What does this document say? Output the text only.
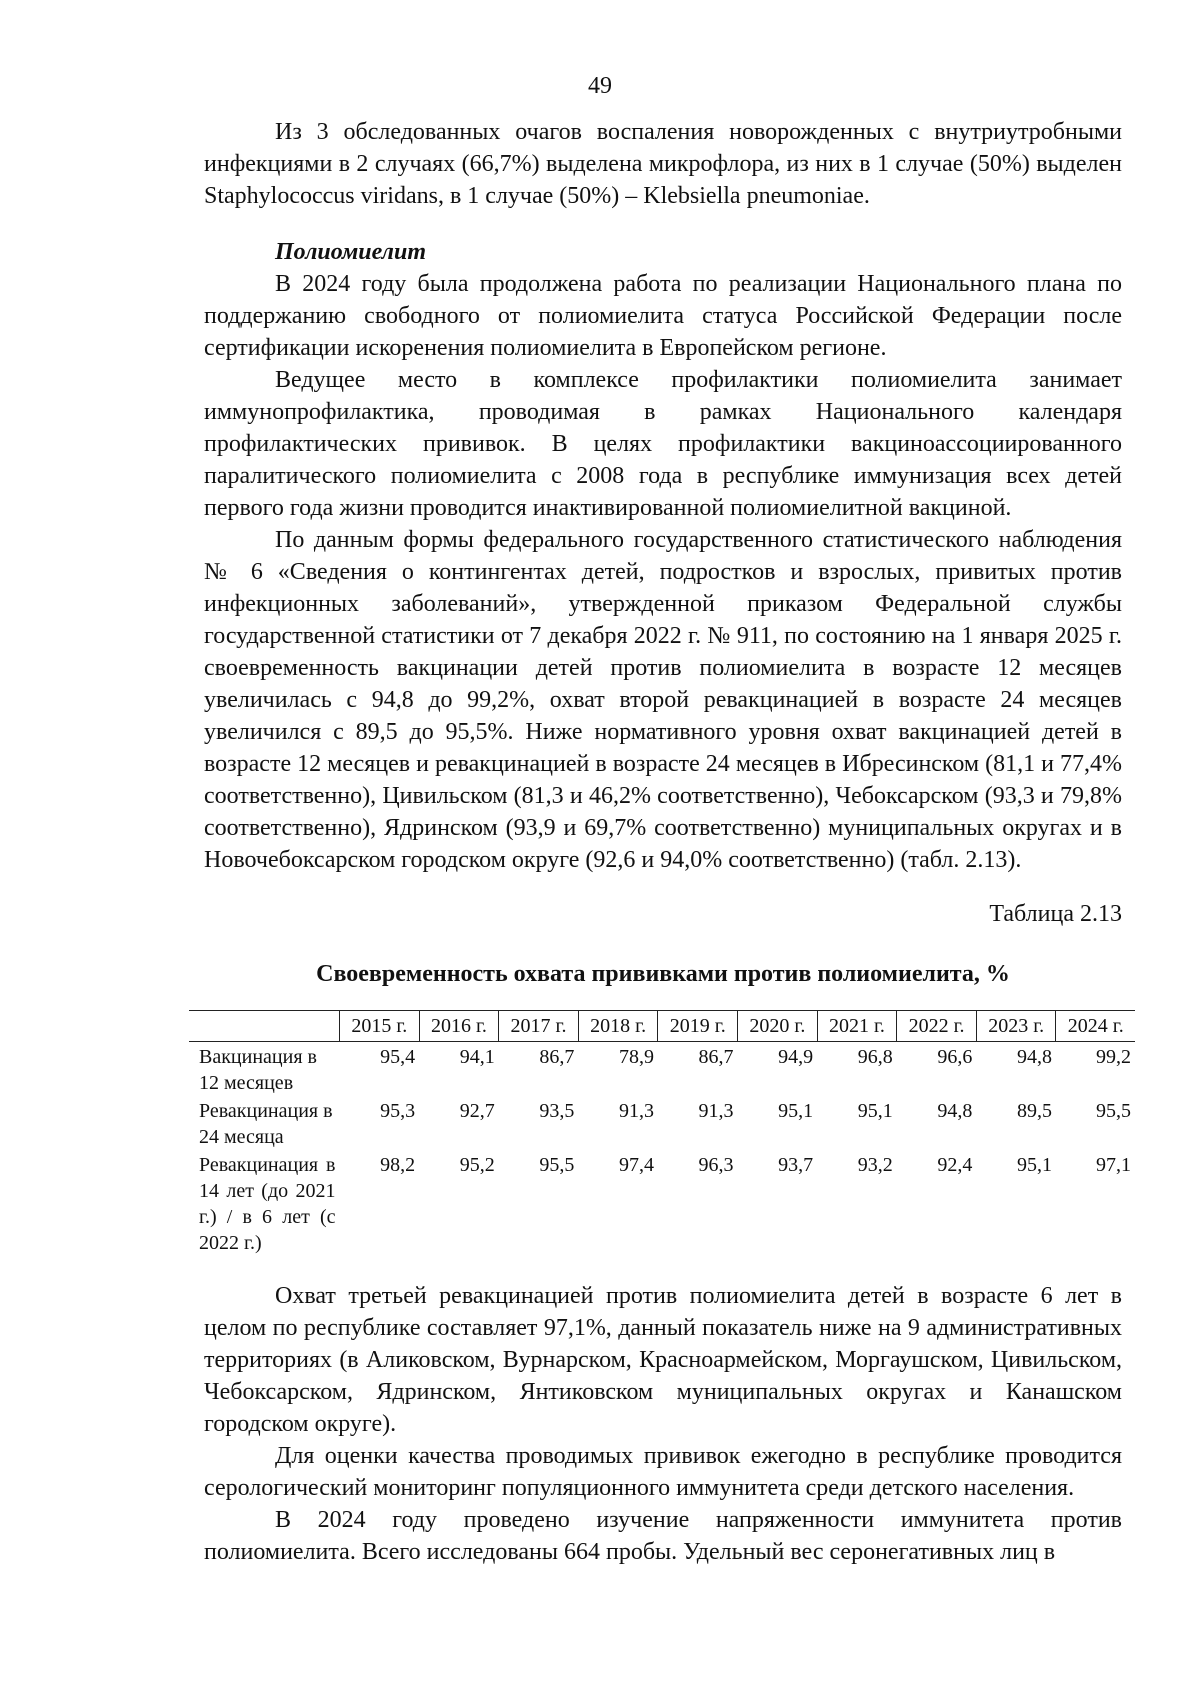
49

Из 3 обследованных очагов воспаления новорожденных с внутриутробными инфекциями в 2 случаях (66,7%) выделена микрофлора, из них в 1 случае (50%) выделен Staphylococcus viridans, в 1 случае (50%) – Klebsiella pneumoniae.

Полиомиелит

В 2024 году была продолжена работа по реализации Национального плана по поддержанию свободного от полиомиелита статуса Российской Федерации после сертификации искоренения полиомиелита в Европейском регионе.

Ведущее место в комплексе профилактики полиомиелита занимает иммунопрофилактика, проводимая в рамках Национального календаря профилактических прививок. В целях профилактики вакциноассоциированного паралитического полиомиелита с 2008 года в республике иммунизация всех детей первого года жизни проводится инактивированной полиомиелитной вакциной.

По данным формы федерального государственного статистического наблюдения № 6 «Сведения о контингентах детей, подростков и взрослых, привитых против инфекционных заболеваний», утвержденной приказом Федеральной службы государственной статистики от 7 декабря 2022 г. № 911, по состоянию на 1 января 2025 г. своевременность вакцинации детей против полиомиелита в возрасте 12 месяцев увеличилась с 94,8 до 99,2%, охват второй ревакцинацией в возрасте 24 месяцев увеличился с 89,5 до 95,5%. Ниже нормативного уровня охват вакцинацией детей в возрасте 12 месяцев и ревакцинацией в возрасте 24 месяцев в Ибресинском (81,1 и 77,4% соответственно), Цивильском (81,3 и 46,2% соответственно), Чебоксарском (93,3 и 79,8% соответственно), Ядринском (93,9 и 69,7% соответственно) муниципальных округах и в Новочебоксарском городском округе (92,6 и 94,0% соответственно) (табл. 2.13).

Таблица 2.13
Своевременность охвата прививками против полиомиелита, %
	2015 г.	2016 г.	2017 г.	2018 г.	2019 г.	2020 г.	2021 г.	2022 г.	2023 г.	2024 г.
Вакцинация в 12 месяцев	95,4	94,1	86,7	78,9	86,7	94,9	96,8	96,6	94,8	99,2
Ревакцинация в 24 месяца	95,3	92,7	93,5	91,3	91,3	95,1	95,1	94,8	89,5	95,5
Ревакцинация в 14 лет (до 2021 г.) / в 6 лет (с 2022 г.)	98,2	95,2	95,5	97,4	96,3	93,7	93,2	92,4	95,1	97,1

Охват третьей ревакцинацией против полиомиелита детей в возрасте 6 лет в целом по республике составляет 97,1%, данный показатель ниже на 9 административных территориях (в Аликовском, Вурнарском, Красноармейском, Моргаушском, Цивильском, Чебоксарском, Ядринском, Янтиковском муниципальных округах и Канашском городском округе).

Для оценки качества проводимых прививок ежегодно в республике проводится серологический мониторинг популяционного иммунитета среди детского населения.

В 2024 году проведено изучение напряженности иммунитета против полиомиелита. Всего исследованы 664 пробы. Удельный вес серонегативных лиц в
